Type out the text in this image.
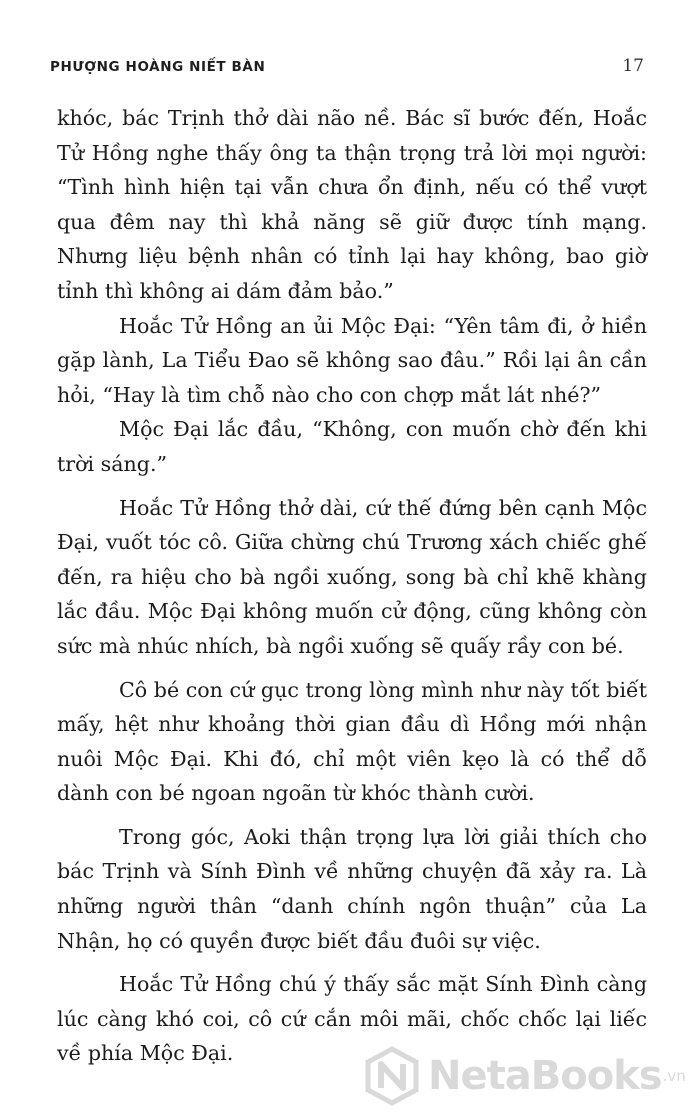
PHƯỢNG HOÀNG NIẾT BÀN	17

khóc, bác Trịnh thở dài não nề. Bác sĩ bước đến, Hoắc Tử Hồng nghe thấy ông ta thận trọng trả lời mọi người: “Tình hình hiện tại vẫn chưa ổn định, nếu có thể vượt qua đêm nay thì khả năng sẽ giữ được tính mạng. Nhưng liệu bệnh nhân có tỉnh lại hay không, bao giờ tỉnh thì không ai dám đảm bảo.”

Hoắc Tử Hồng an ủi Mộc Đại: “Yên tâm đi, ở hiền gặp lành, La Tiểu Đao sẽ không sao đâu.” Rồi lại ân cần hỏi, “Hay là tìm chỗ nào cho con chợp mắt lát nhé?”

Mộc Đại lắc đầu, “Không, con muốn chờ đến khi trời sáng.”

Hoắc Tử Hồng thở dài, cứ thế đứng bên cạnh Mộc Đại, vuốt tóc cô. Giữa chừng chú Trương xách chiếc ghế đến, ra hiệu cho bà ngồi xuống, song bà chỉ khẽ khàng lắc đầu. Mộc Đại không muốn cử động, cũng không còn sức mà nhúc nhích, bà ngồi xuống sẽ quấy rầy con bé.

Cô bé con cứ gục trong lòng mình như này tốt biết mấy, hệt như khoảng thời gian đầu dì Hồng mới nhận nuôi Mộc Đại. Khi đó, chỉ một viên kẹo là có thể dỗ dành con bé ngoan ngoãn từ khóc thành cười.

Trong góc, Aoki thận trọng lựa lời giải thích cho bác Trịnh và Sính Đình về những chuyện đã xảy ra. Là những người thân “danh chính ngôn thuận” của La Nhận, họ có quyền được biết đầu đuôi sự việc.

Hoắc Tử Hồng chú ý thấy sắc mặt Sính Đình càng lúc càng khó coi, cô cứ cắn môi mãi, chốc chốc lại liếc về phía Mộc Đại.	NetaBooks .vn
